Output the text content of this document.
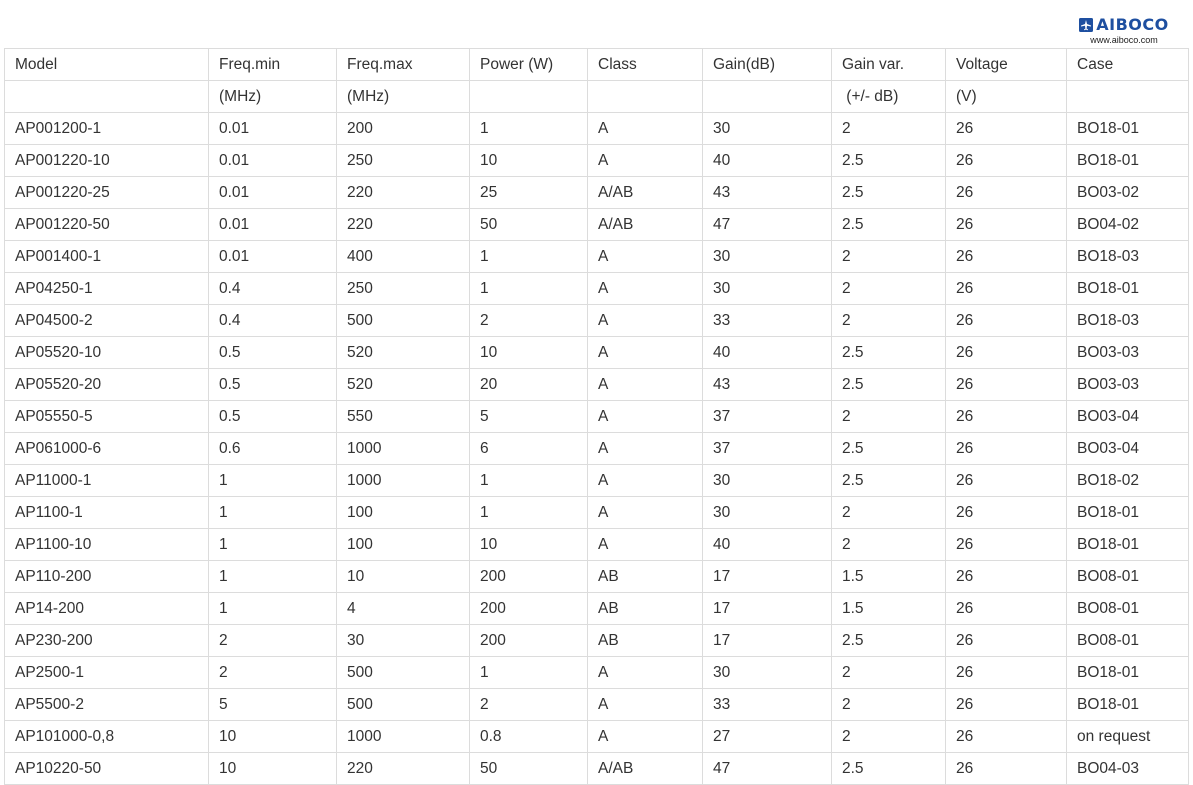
AIBOCO
www.aiboco.com
Model	Freq.min	Freq.max	Power (W)	Class	Gain(dB)	Gain var.	Voltage	Case
	(MHz)	(MHz)				(+/- dB)	(V)	
AP001200-1	0.01	200	1	A	30	2	26	BO18-01
AP001220-10	0.01	250	10	A	40	2.5	26	BO18-01
AP001220-25	0.01	220	25	A/AB	43	2.5	26	BO03-02
AP001220-50	0.01	220	50	A/AB	47	2.5	26	BO04-02
AP001400-1	0.01	400	1	A	30	2	26	BO18-03
AP04250-1	0.4	250	1	A	30	2	26	BO18-01
AP04500-2	0.4	500	2	A	33	2	26	BO18-03
AP05520-10	0.5	520	10	A	40	2.5	26	BO03-03
AP05520-20	0.5	520	20	A	43	2.5	26	BO03-03
AP05550-5	0.5	550	5	A	37	2	26	BO03-04
AP061000-6	0.6	1000	6	A	37	2.5	26	BO03-04
AP11000-1	1	1000	1	A	30	2.5	26	BO18-02
AP1100-1	1	100	1	A	30	2	26	BO18-01
AP1100-10	1	100	10	A	40	2	26	BO18-01
AP110-200	1	10	200	AB	17	1.5	26	BO08-01
AP14-200	1	4	200	AB	17	1.5	26	BO08-01
AP230-200	2	30	200	AB	17	2.5	26	BO08-01
AP2500-1	2	500	1	A	30	2	26	BO18-01
AP5500-2	5	500	2	A	33	2	26	BO18-01
AP101000-0,8	10	1000	0.8	A	27	2	26	on request
AP10220-50	10	220	50	A/AB	47	2.5	26	BO04-03
